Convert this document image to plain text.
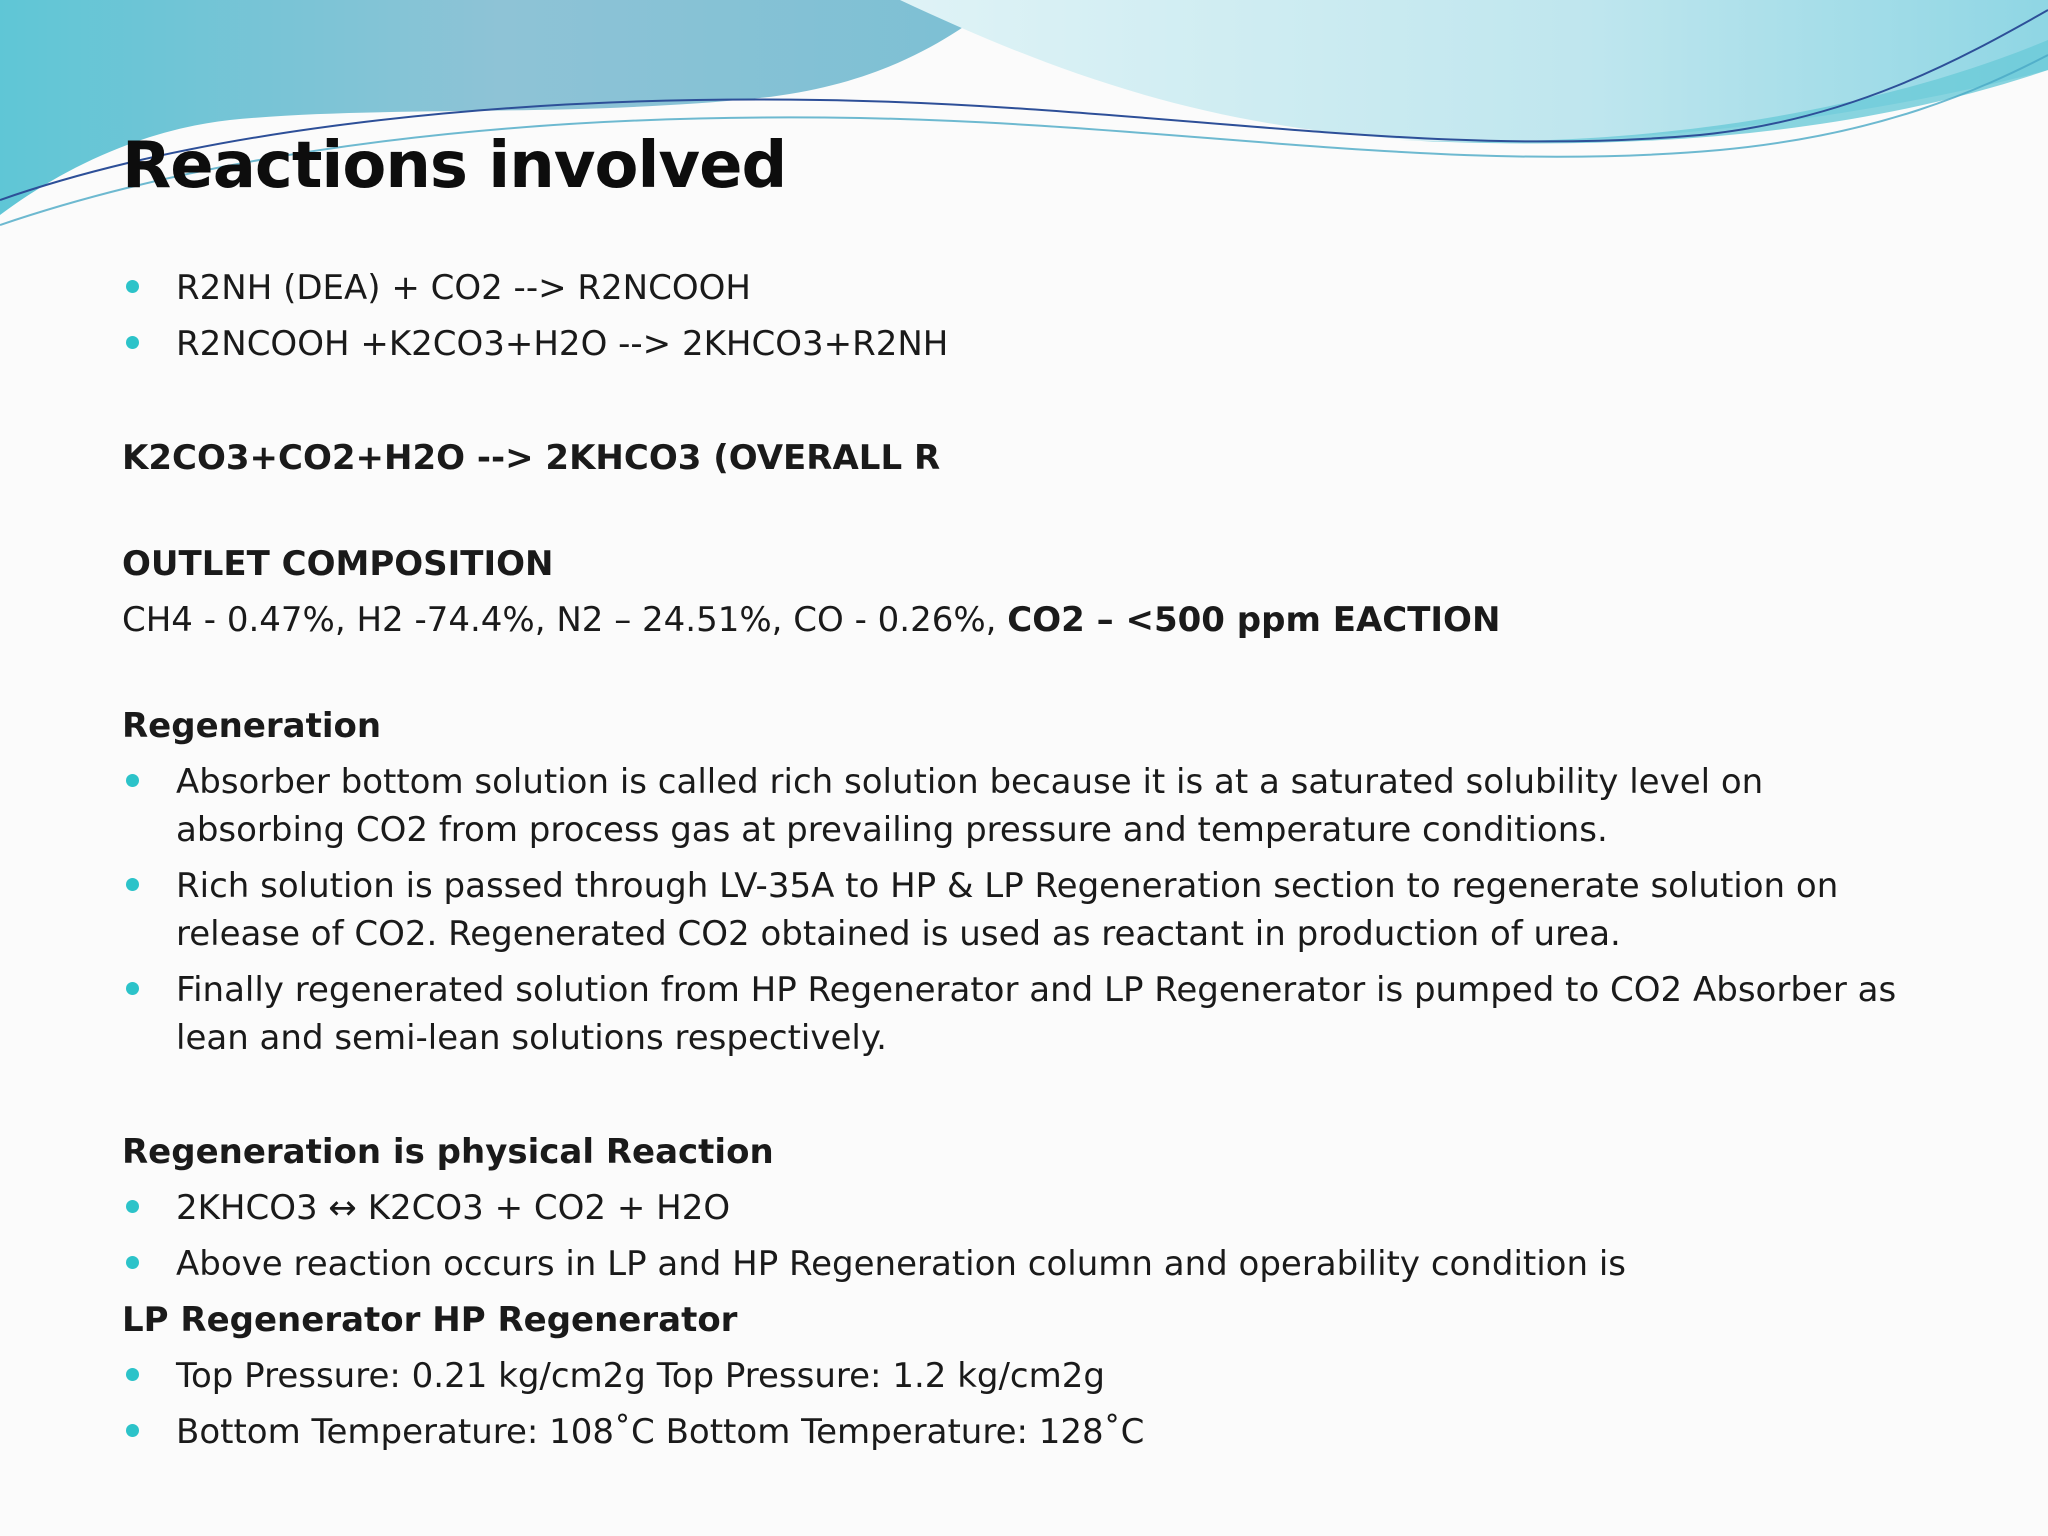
Reactions involved
R2NH (DEA) + CO2 --> R2NCOOH
R2NCOOH +K2CO3+H2O --> 2KHCO3+R2NH

K2CO3+CO2+H2O --> 2KHCO3 (OVERALL R

OUTLET COMPOSITION

CH4 - 0.47%, H2 -74.4%, N2 – 24.51%, CO - 0.26%, CO2 – <500 ppm EACTION

Regeneration

Absorber bottom solution is called rich solution because it is at a saturated solubility level on absorbing CO2 from process gas at prevailing pressure and temperature conditions.
Rich solution is passed through LV-35A to HP & LP Regeneration section to regenerate solution on release of CO2. Regenerated CO2 obtained is used as reactant in production of urea.
Finally regenerated solution from HP Regenerator and LP Regenerator is pumped to CO2 Absorber as lean and semi-lean solutions respectively.

Regeneration is physical Reaction

2KHCO3 ↔ K2CO3 + CO2 + H2O
Above reaction occurs in LP and HP Regeneration column and operability condition is

LP Regenerator HP Regenerator

Top Pressure: 0.21 kg/cm2g Top Pressure: 1.2 kg/cm2g
Bottom Temperature: 108˚C Bottom Temperature: 128˚C
